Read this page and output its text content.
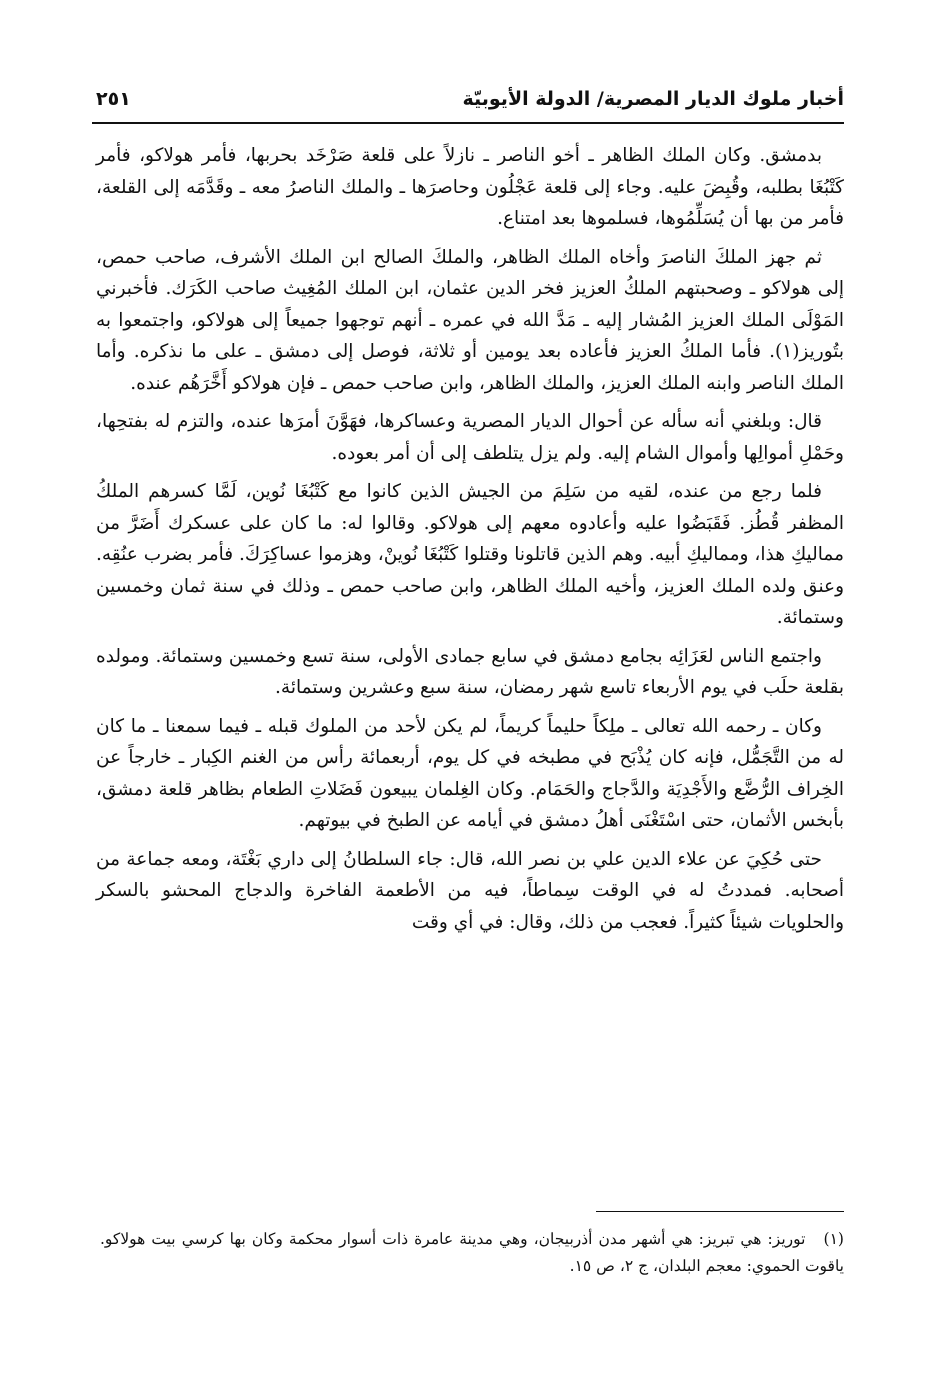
أخبار ملوك الديار المصرية/ الدولة الأيوبيّة
٢٥١

بدمشق. وكان الملك الظاهر ـ أخو الناصر ـ نازلاً على قلعة صَرْخَد بحربها، فأمر هولاكو، فأمر كَتْبُغَا بطلبه، وقُبِضَ عليه. وجاء إلى قلعة عَجْلُون وحاصرَها ـ والملك الناصرُ معه ـ وقَدَّمَه إلى القلعة، فأمر من بها أن يُسَلِّمُوها، فسلموها بعد امتناع.

ثم جهز الملكَ الناصرَ وأخاه الملك الظاهر، والملكَ الصالح ابن الملك الأشرف، صاحب حمص، إلى هولاكو ـ وصحبتهم الملكُ العزيز فخر الدين عثمان، ابن الملك المُغِيث صاحب الكَرَك. فأخبرني المَوْلَى الملك العزيز المُشار إليه ـ مَدَّ الله في عمره ـ أنهم توجهوا جميعاً إلى هولاكو، واجتمعوا به بتُوريز(١). فأما الملكُ العزيز فأعاده بعد يومين أو ثلاثة، فوصل إلى دمشق ـ على ما نذكره. وأما الملك الناصر وابنه الملك العزيز، والملك الظاهر، وابن صاحب حمص ـ فإن هولاكو أَخَّرَهُم عنده.

قال: وبلغني أنه سأله عن أحوال الديار المصرية وعساكرها، فهَوَّنَ أمرَها عنده، والتزم له بفتحِها، وحَمْلِ أموالِها وأموال الشام إليه. ولم يزل يتلطف إلى أن أمر بعوده.

فلما رجع من عنده، لقيه من سَلِمَ من الجيش الذين كانوا مع كَتْبُغَا نُوين، لَمَّا كسرهم الملكُ المظفر قُطُز. فَقَبَضُوا عليه وأعادوه معهم إلى هولاكو. وقالوا له: ما كان على عسكرك أَضَرَّ من مماليكِ هذا، ومماليكِ أبيه. وهم الذين قاتلونا وقتلوا كَتْبُغَا نُوينْ، وهزموا عساكِرَكَ. فأمر بضرب عنُقِه. وعنق ولده الملك العزيز، وأخيه الملك الظاهر، وابن صاحب حمص ـ وذلك في سنة ثمان وخمسين وستمائة.

واجتمع الناس لعَزَائِه بجامع دمشق في سابع جمادى الأولى، سنة تسع وخمسين وستمائة. ومولده بقلعة حلَب في يوم الأربعاء تاسع شهر رمضان، سنة سبع وعشرين وستمائة.

وكان ـ رحمه الله تعالى ـ ملِكاً حليماً كريماً، لم يكن لأحد من الملوك قبله ـ فيما سمعنا ـ ما كان له من التَّجَمُّل، فإنه كان يُذْبَح في مطبخه في كل يوم، أربعمائة رأس من الغنم الكِبار ـ خارجاً عن الخِراف الرُّضَّع والأَجْدِيَة والدَّجاج والحَمَام. وكان الغِلمان يبيعون فَضَلاتِ الطعام بظاهر قلعة دمشق، بأبخس الأثمان، حتى اسْتَغْنَى أهلُ دمشق في أيامه عن الطبخ في بيوتهم.

حتى حُكِيَ عن علاء الدين علي بن نصر الله، قال: جاء السلطانُ إلى داري بَغْتَة، ومعه جماعة من أصحابه. فمددتُ له في الوقت سِماطاً، فيه من الأطعمة الفاخرة والدجاج المحشو بالسكر والحلويات شيئاً كثيراً. فعجب من ذلك، وقال: في أي وقت

(١) توريز: هي تبريز: هي أشهر مدن أذربيجان، وهي مدينة عامرة ذات أسوار محكمة وكان بها كرسي بيت هولاكو. ياقوت الحموي: معجم البلدان، ج ٢، ص ١٥.
